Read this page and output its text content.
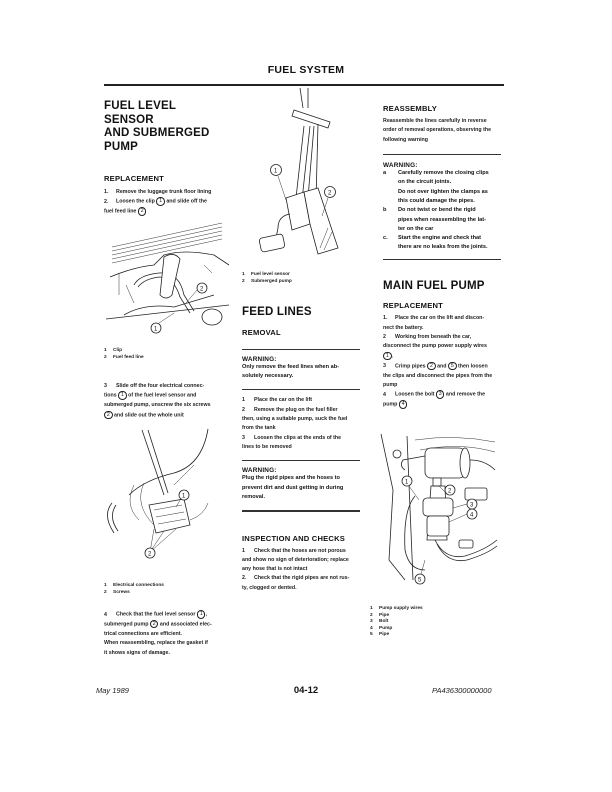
FUEL SYSTEM
FUEL LEVEL SENSOR
AND SUBMERGED
PUMP
REPLACEMENT
1. Remove the luggage trunk floor lining
2. Loosen the clip 1 and slide off the
fuel feed line 2
2
1
1 Clip
2 Fuel feed line
3 Slide off the four electrical connec-
tions 1 of the fuel level sensor and
submerged pump, unscrew the six screws
2 and slide out the whole unit
1
2
1 Electrical connections
2 Screws
4 Check that the fuel level sensor 1 ,
submerged pump 2 and associated elec-
trical connections are efficient.
When reassembling, replace the gasket if
it shows signs of damage.
1
2
1 Fuel level sensor
2 Submerged pump
FEED LINES
REMOVAL
WARNING:
Only remove the feed lines when ab-
solutely necessary.
1 Place the car on the lift
2 Remove the plug on the fuel filler
then, using a suitable pump, suck the fuel
from the tank
3 Loosen the clips at the ends of the
lines to be removed
WARNING:
Plug the rigid pipes and the hoses to
prevent dirt and dust getting in during
removal.
INSPECTION AND CHECKS
1 Check that the hoses are not porous
and show no sign of deterioration; replace
any hose that is not intact
2. Check that the rigid pipes are not rus-
ty, clogged or dented.
REASSEMBLY
Reassemble the lines carefully in reverse
order of removal operations, observing the
following warning
WARNING:
a Carefully remove the closing clips
on the circuit joints.
Do not over tighten the clamps as
this could damage the pipes.
b Do not twist or bend the rigid
pipes when reassembling the lat-
ter on the car
c. Start the engine and check that
there are no leaks from the joints.
MAIN FUEL PUMP
REPLACEMENT
1. Place the car on the lift and discon-
nect the battery.
2 Working from beneath the car,
disconnect the pump power supply wires
1 .
3 Crimp pipes 2 and 5 then loosen
the clips and disconnect the pipes from the
pump
4 Loosen the bolt 3 and remove the
pump 4
1
2
3
4
5
1 Pump supply wires
2 Pipe
3 Bolt
4 Pump
5 Pipe
May 1989	04-12	PA436300000000
